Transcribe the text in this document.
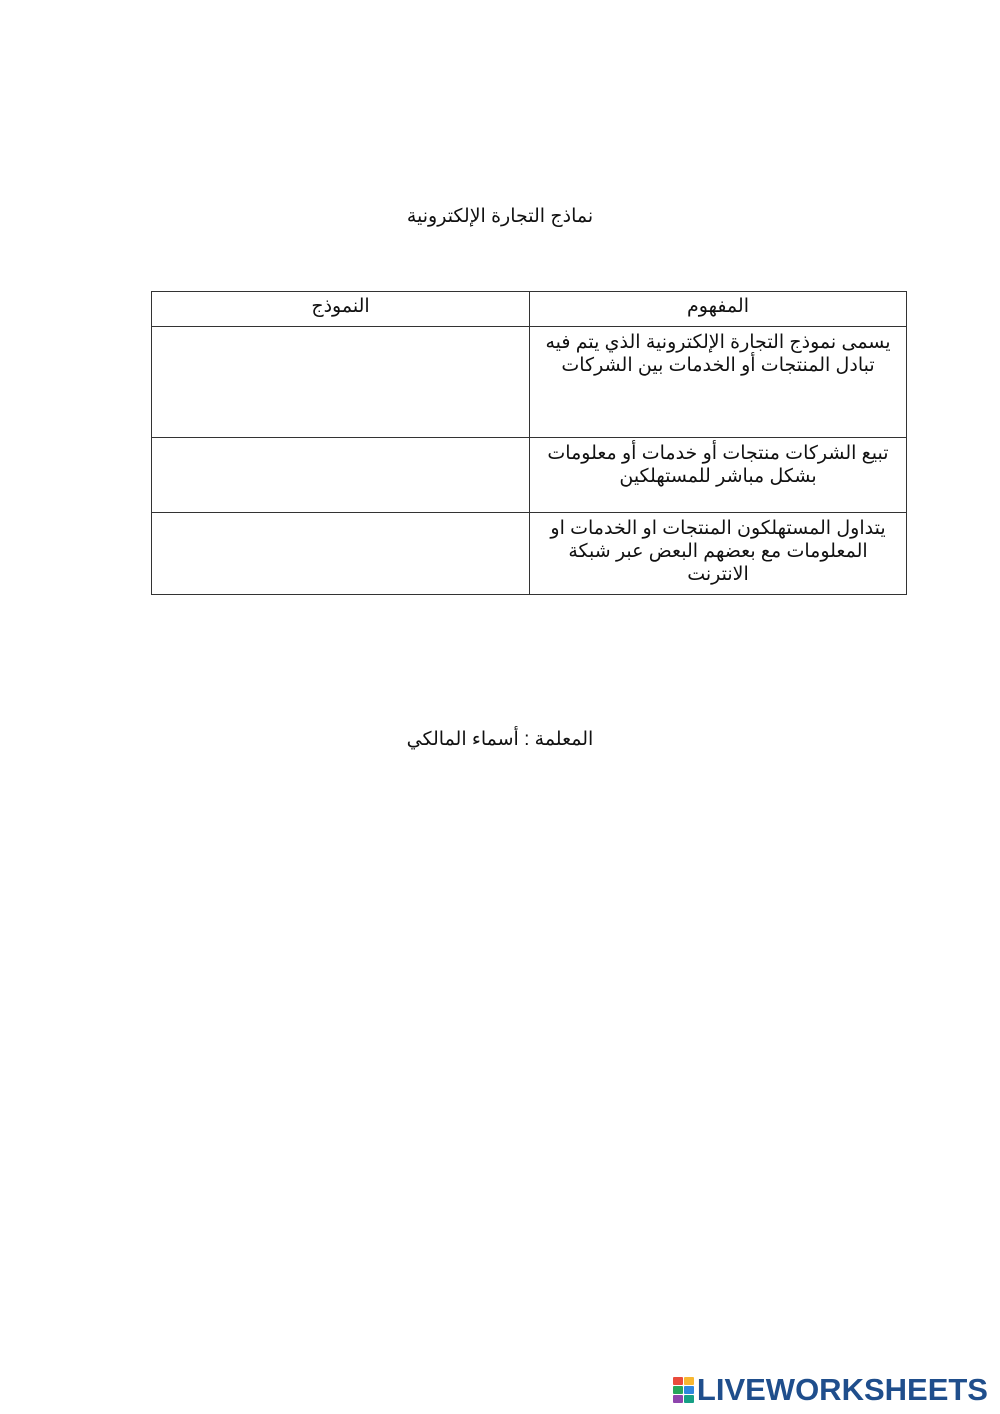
نماذج التجارة الإلكترونية
المفهوم	النموذج
يسمى نموذج التجارة الإلكترونية الذي يتم فيه تبادل المنتجات أو الخدمات بين الشركات	
تبيع الشركات منتجات أو خدمات أو معلومات بشكل مباشر للمستهلكين	
يتداول المستهلكون المنتجات او الخدمات او المعلومات مع بعضهم البعض عبر شبكة الانترنت	
المعلمة : أسماء المالكي
LIVEWORKSHEETS
